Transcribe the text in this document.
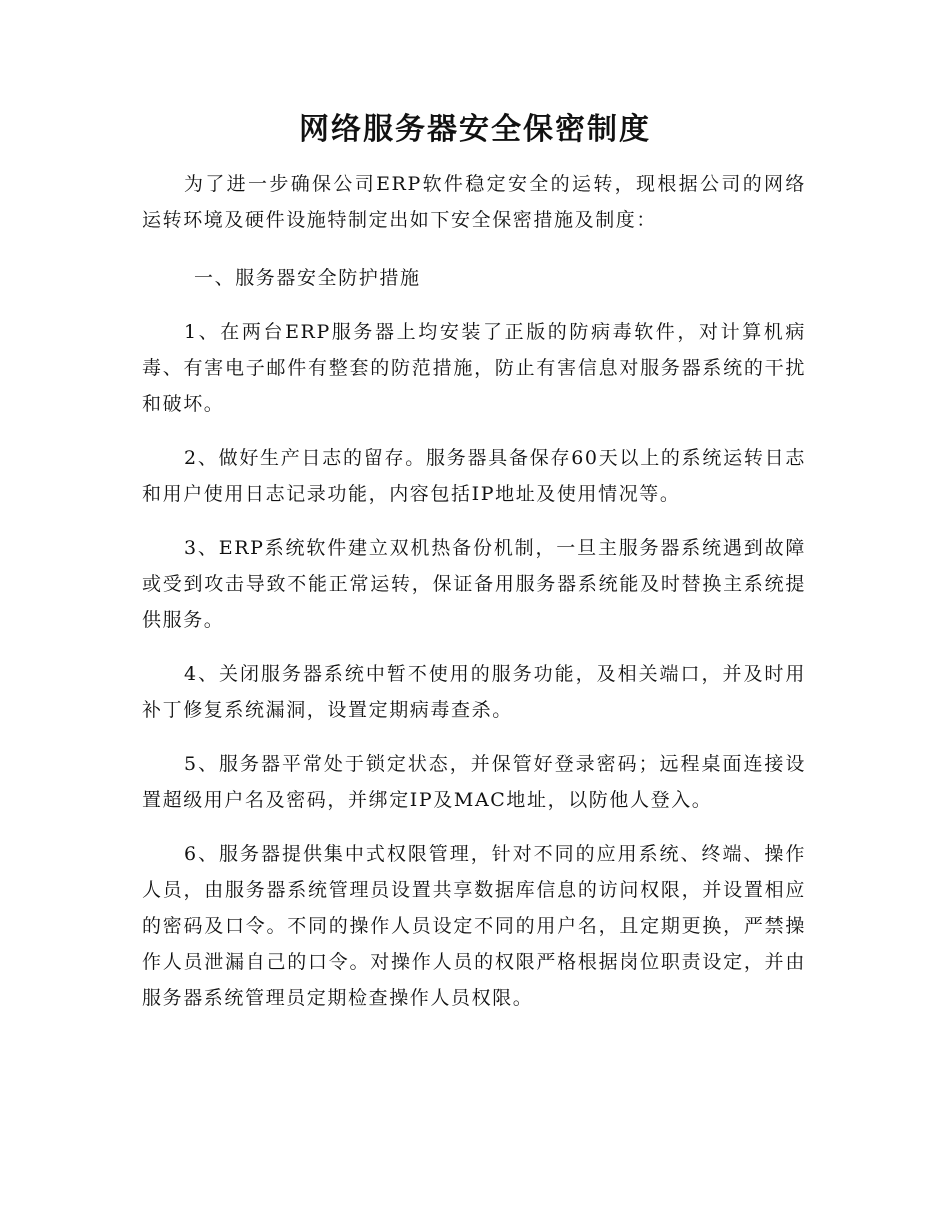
网络服务器安全保密制度

为了进一步确保公司ERP软件稳定安全的运转，现根据公司的网络运转环境及硬件设施特制定出如下安全保密措施及制度：

一、服务器安全防护措施

1、在两台ERP服务器上均安装了正版的防病毒软件，对计算机病毒、有害电子邮件有整套的防范措施，防止有害信息对服务器系统的干扰和破坏。

2、做好生产日志的留存。服务器具备保存60天以上的系统运转日志和用户使用日志记录功能，内容包括IP地址及使用情况等。

3、ERP系统软件建立双机热备份机制，一旦主服务器系统遇到故障或受到攻击导致不能正常运转，保证备用服务器系统能及时替换主系统提供服务。

4、关闭服务器系统中暂不使用的服务功能，及相关端口，并及时用补丁修复系统漏洞，设置定期病毒查杀。

5、服务器平常处于锁定状态，并保管好登录密码；远程桌面连接设置超级用户名及密码，并绑定IP及MAC地址，以防他人登入。

6、服务器提供集中式权限管理，针对不同的应用系统、终端、操作人员，由服务器系统管理员设置共享数据库信息的访问权限，并设置相应的密码及口令。不同的操作人员设定不同的用户名，且定期更换，严禁操作人员泄漏自己的口令。对操作人员的权限严格根据岗位职责设定，并由服务器系统管理员定期检查操作人员权限。
